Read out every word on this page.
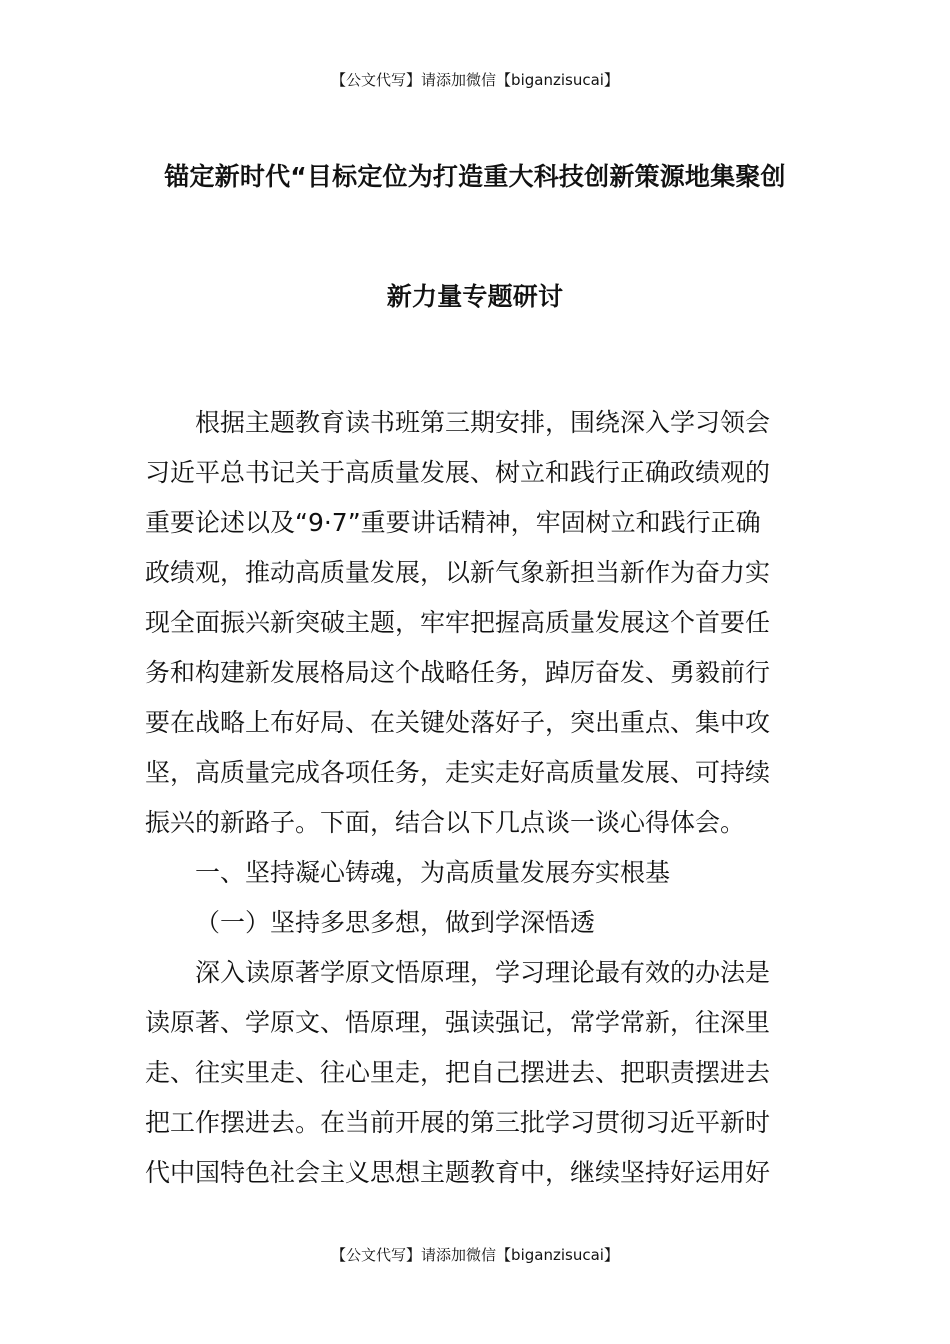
【公文代写】请添加微信【biganzisucai】
锚定新时代“目标定位为打造重大科技创新策源地集聚创
新力量专题研讨
根据主题教育读书班第三期安排，围绕深入学习领会
习近平总书记关于高质量发展、树立和践行正确政绩观的
重要论述以及“9·7”重要讲话精神，牢固树立和践行正确
政绩观，推动高质量发展，以新气象新担当新作为奋力实
现全面振兴新突破主题，牢牢把握高质量发展这个首要任
务和构建新发展格局这个战略任务，踔厉奋发、勇毅前行
要在战略上布好局、在关键处落好子，突出重点、集中攻
坚，高质量完成各项任务，走实走好高质量发展、可持续
振兴的新路子。下面，结合以下几点谈一谈心得体会。
一、坚持凝心铸魂，为高质量发展夯实根基
（一）坚持多思多想，做到学深悟透
深入读原著学原文悟原理，学习理论最有效的办法是
读原著、学原文、悟原理，强读强记，常学常新，往深里
走、往实里走、往心里走，把自己摆进去、把职责摆进去
把工作摆进去。在当前开展的第三批学习贯彻习近平新时
代中国特色社会主义思想主题教育中，继续坚持好运用好
【公文代写】请添加微信【biganzisucai】
